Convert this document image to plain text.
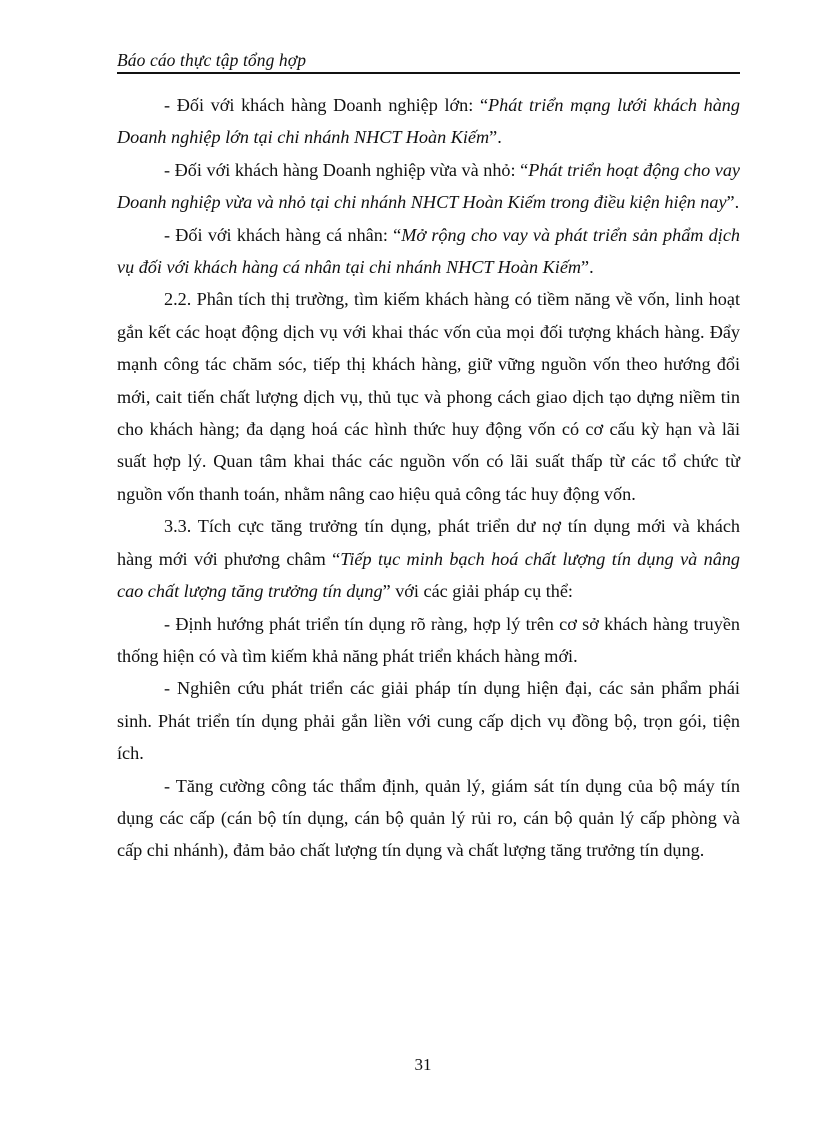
Báo cáo thực tập tổng hợp

- Đối với khách hàng Doanh nghiệp lớn: “Phát triển mạng lưới khách hàng Doanh nghiệp lớn tại chi nhánh NHCT Hoàn Kiếm”.

- Đối với khách hàng Doanh nghiệp vừa và nhỏ: “Phát triển hoạt động cho vay Doanh nghiệp vừa và nhỏ tại chi nhánh NHCT Hoàn Kiếm trong điều kiện hiện nay”.

- Đối với khách hàng cá nhân: “Mở rộng cho vay và phát triển sản phẩm dịch vụ đối với khách hàng cá nhân tại chi nhánh NHCT Hoàn Kiếm”.

2.2. Phân tích thị trường, tìm kiếm khách hàng có tiềm năng về vốn, linh hoạt gắn kết các hoạt động dịch vụ với khai thác vốn của mọi đối tượng khách hàng. Đẩy mạnh công tác chăm sóc, tiếp thị khách hàng, giữ vững nguồn vốn theo hướng đổi mới, cait tiến chất lượng dịch vụ, thủ tục và phong cách giao dịch tạo dựng niềm tin cho khách hàng; đa dạng hoá các hình thức huy động vốn có cơ cấu kỳ hạn và lãi suất hợp lý. Quan tâm khai thác các nguồn vốn có lãi suất thấp từ các tổ chức từ nguồn vốn thanh toán, nhằm nâng cao hiệu quả công tác huy động vốn.

3.3. Tích cực tăng trưởng tín dụng, phát triển dư nợ tín dụng mới và khách hàng mới với phương châm “Tiếp tục minh bạch hoá chất lượng tín dụng và nâng cao chất lượng tăng trưởng tín dụng” với các giải pháp cụ thể:

- Định hướng phát triển tín dụng rõ ràng, hợp lý trên cơ sở khách hàng truyền thống hiện có và tìm kiếm khả năng phát triển khách hàng mới.

- Nghiên cứu phát triển các giải pháp tín dụng hiện đại, các sản phẩm phái sinh. Phát triển tín dụng phải gắn liền với cung cấp dịch vụ đồng bộ, trọn gói, tiện ích.

- Tăng cường công tác thẩm định, quản lý, giám sát tín dụng của bộ máy tín dụng các cấp (cán bộ tín dụng, cán bộ quản lý rủi ro, cán bộ quản lý cấp phòng và cấp chi nhánh), đảm bảo chất lượng tín dụng và chất lượng tăng trưởng tín dụng.

31
